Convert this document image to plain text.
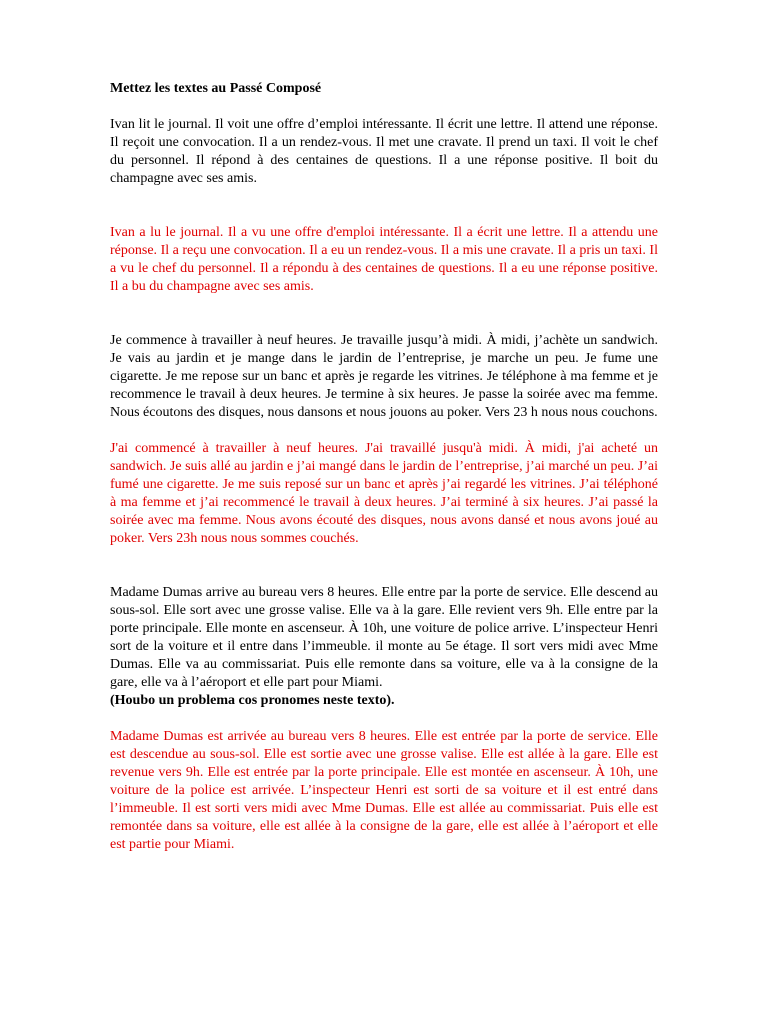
Mettez les textes au Passé Composé

Ivan lit le journal. Il voit une offre d’emploi intéressante. Il écrit une lettre. Il attend une réponse. Il reçoit une convocation. Il a un rendez-vous. Il met une cravate. Il prend un taxi. Il voit le chef du personnel. Il répond à des centaines de questions. Il a une réponse positive. Il boit du champagne avec ses amis.

Ivan a lu le journal. Il a vu une offre d'emploi intéressante. Il a écrit une lettre. Il a attendu une réponse. Il a reçu une convocation. Il a eu un rendez-vous. Il a mis une cravate. Il a pris un taxi. Il a vu le chef du personnel. Il a répondu à des centaines de questions. Il a eu une réponse positive. Il a bu du champagne avec ses amis.

Je commence à travailler à neuf heures. Je travaille jusqu’à midi. À midi, j’achète un sandwich. Je vais au jardin et je mange dans le jardin de l’entreprise, je marche un peu. Je fume une cigarette. Je me repose sur un banc et après je regarde les vitrines. Je téléphone à ma femme et je recommence le travail à deux heures. Je termine à six heures. Je passe la soirée avec ma femme. Nous écoutons des disques, nous dansons et nous jouons au poker. Vers 23 h nous nous couchons.

J'ai commencé à travailler à neuf heures. J'ai travaillé jusqu'à midi. À midi, j'ai acheté un sandwich. Je suis allé au jardin e j’ai mangé dans le jardin de l’entreprise, j’ai marché un peu. J’ai fumé une cigarette. Je me suis reposé sur un banc et après j’ai regardé les vitrines. J’ai téléphoné à ma femme et j’ai recommencé le travail à deux heures. J’ai terminé à six heures. J’ai passé la soirée avec ma femme. Nous avons écouté des disques, nous avons dansé et nous avons joué au poker. Vers 23h nous nous sommes couchés.

Madame Dumas arrive au bureau vers 8 heures. Elle entre par la porte de service. Elle descend au sous-sol. Elle sort avec une grosse valise. Elle va à la gare. Elle revient vers 9h. Elle entre par la porte principale. Elle monte en ascenseur. À 10h, une voiture de police arrive. L’inspecteur Henri sort de la voiture et il entre dans l’immeuble. il monte au 5e étage. Il sort vers midi avec Mme Dumas. Elle va au commissariat. Puis elle remonte dans sa voiture, elle va à la consigne de la gare, elle va à l’aéroport et elle part pour Miami.

(Houbo un problema cos pronomes neste texto).

Madame Dumas est arrivée au bureau vers 8 heures. Elle est entrée par la porte de service. Elle est descendue au sous-sol. Elle est sortie avec une grosse valise. Elle est allée à la gare. Elle est revenue vers 9h. Elle est entrée par la porte principale. Elle est montée en ascenseur. À 10h, une voiture de la police est arrivée. L’inspecteur Henri est sorti de sa voiture et il est entré dans l’immeuble. Il est sorti vers midi avec Mme Dumas. Elle est allée au commissariat. Puis elle est remontée dans sa voiture, elle est allée à la consigne de la gare, elle est allée à l’aéroport et elle est partie pour Miami.
